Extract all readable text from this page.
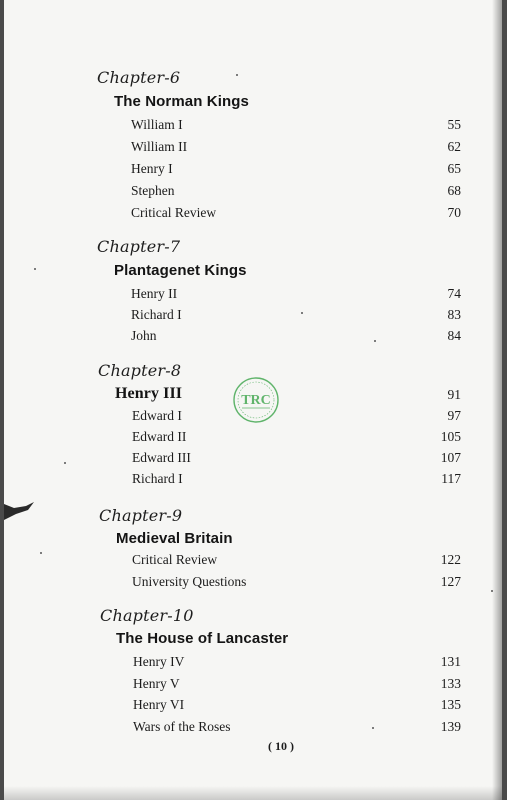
Chapter-6
The Norman Kings
William I	55
William II	62
Henry I	65
Stephen	68
Critical Review	70
Chapter-7
Plantagenet Kings
Henry II	74
Richard I	83
John	84
Chapter-8
Henry III	91
Edward I	97
Edward II	105
Edward III	107
Richard I	117
Chapter-9
Medieval Britain
Critical Review	122
University Questions	127
Chapter-10
The House of Lancaster
Henry IV	131
Henry V	133
Henry VI	135
Wars of the Roses	139
( 10 )
TRC
